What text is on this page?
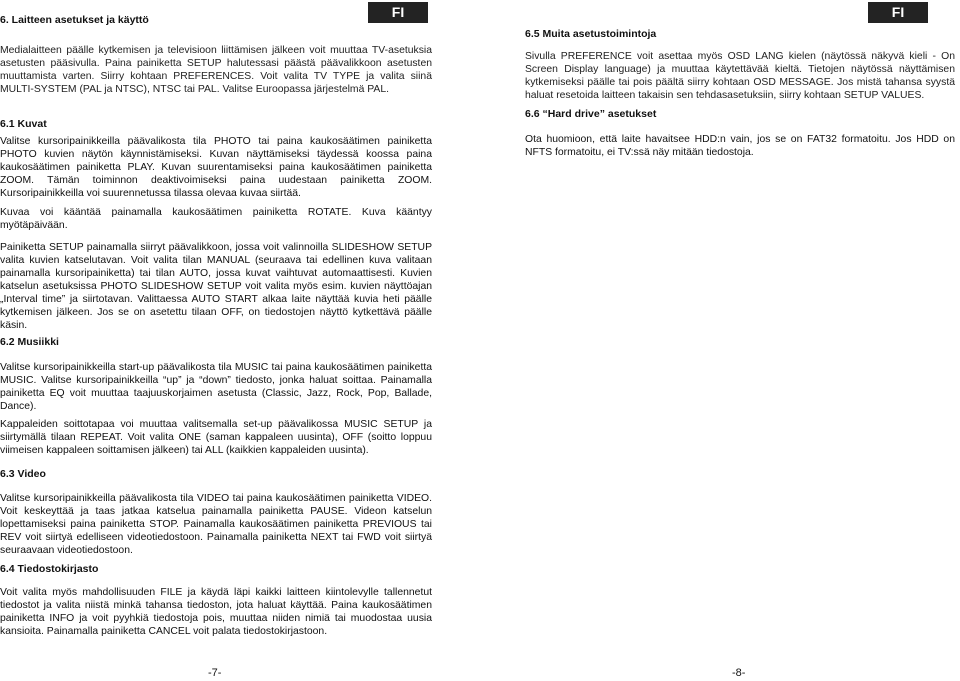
FI
6. Laitteen asetukset ja käyttö

Medialaitteen päälle kytkemisen ja televisioon liittämisen jälkeen voit muuttaa TV-asetuksia asetusten pääsivulla. Paina painiketta SETUP halutessasi päästä päävalikkoon asetusten muuttamista varten. Siirry kohtaan PREFERENCES. Voit valita TV TYPE ja valita siinä MULTI-SYSTEM (PAL ja NTSC), NTSC tai PAL. Valitse Euroopassa järjestelmä PAL.

6.1 Kuvat

Valitse kursoripainikkeilla päävalikosta tila PHOTO tai paina kaukosäätimen painiketta PHOTO kuvien näytön käynnistämiseksi. Kuvan näyttämiseksi täydessä koossa paina kaukosäätimen painiketta PLAY. Kuvan suurentamiseksi paina kaukosäätimen painiketta ZOOM. Tämän toiminnon deaktivoimiseksi paina uudestaan painiketta ZOOM. Kursoripainikkeilla voi suurennetussa tilassa olevaa kuvaa siirtää.

Kuvaa voi kääntää painamalla kaukosäätimen painiketta ROTATE. Kuva kääntyy myötäpäivään.

Painiketta SETUP painamalla siirryt päävalikkoon, jossa voit valinnoilla SLIDESHOW SETUP valita kuvien katselutavan. Voit valita tilan MANUAL (seuraava tai edellinen kuva valitaan painamalla kursoripainiketta) tai tilan AUTO, jossa kuvat vaihtuvat automaattisesti. Kuvien katselun asetuksissa PHOTO SLIDESHOW SETUP voit valita myös esim. kuvien näyttöajan „Interval time” ja siirtotavan. Valittaessa AUTO START alkaa laite näyttää kuvia heti päälle kytkemisen jälkeen. Jos se on asetettu tilaan OFF, on tiedostojen näyttö kytkettävä päälle käsin.

6.2 Musiikki

Valitse kursoripainikkeilla start-up päävalikosta tila MUSIC tai paina kaukosäätimen painiketta MUSIC. Valitse kursoripainikkeilla “up” ja “down” tiedosto, jonka haluat soittaa. Painamalla painiketta EQ voit muuttaa taajuuskorjaimen asetusta (Classic, Jazz, Rock, Pop, Ballade, Dance).

Kappaleiden soittotapaa voi muuttaa valitsemalla set-up päävalikossa MUSIC SETUP ja siirtymällä tilaan REPEAT. Voit valita ONE (saman kappaleen uusinta), OFF (soitto loppuu viimeisen kappaleen soittamisen jälkeen) tai ALL (kaikkien kappaleiden uusinta).

6.3 Video

Valitse kursoripainikkeilla päävalikosta tila VIDEO tai paina kaukosäätimen painiketta VIDEO. Voit keskeyttää ja taas jatkaa katselua painamalla painiketta PAUSE. Videon katselun lopettamiseksi paina painiketta STOP. Painamalla kaukosäätimen painiketta PREVIOUS tai REV voit siirtyä edelliseen videotiedostoon. Painamalla painiketta NEXT tai FWD voit siirtyä seuraavaan videotiedostoon.

6.4 Tiedostokirjasto

Voit valita myös mahdollisuuden FILE ja käydä läpi kaikki laitteen kiintolevylle tallennetut tiedostot ja valita niistä minkä tahansa tiedoston, jota haluat käyttää. Paina kaukosäätimen painiketta INFO ja voit pyyhkiä tiedostoja pois, muuttaa niiden nimiä tai muodostaa uusia kansioita. Painamalla painiketta CANCEL voit palata tiedostokirjastoon.

-7-
FI
6.5 Muita asetustoimintoja

Sivulla PREFERENCE voit asettaa myös OSD LANG kielen (näytössä näkyvä kieli - On Screen Display language) ja muuttaa käytettävää kieltä. Tietojen näytössä näyttämisen kytkemiseksi päälle tai pois päältä siirry kohtaan OSD MESSAGE. Jos mistä tahansa syystä haluat resetoida laitteen takaisin sen tehdasasetuksiin, siirry kohtaan SETUP VALUES.

6.6 “Hard drive” asetukset

Ota huomioon, että laite havaitsee HDD:n vain, jos se on FAT32 formatoitu. Jos HDD on NFTS formatoitu, ei TV:ssä näy mitään tiedostoja.

-8-
